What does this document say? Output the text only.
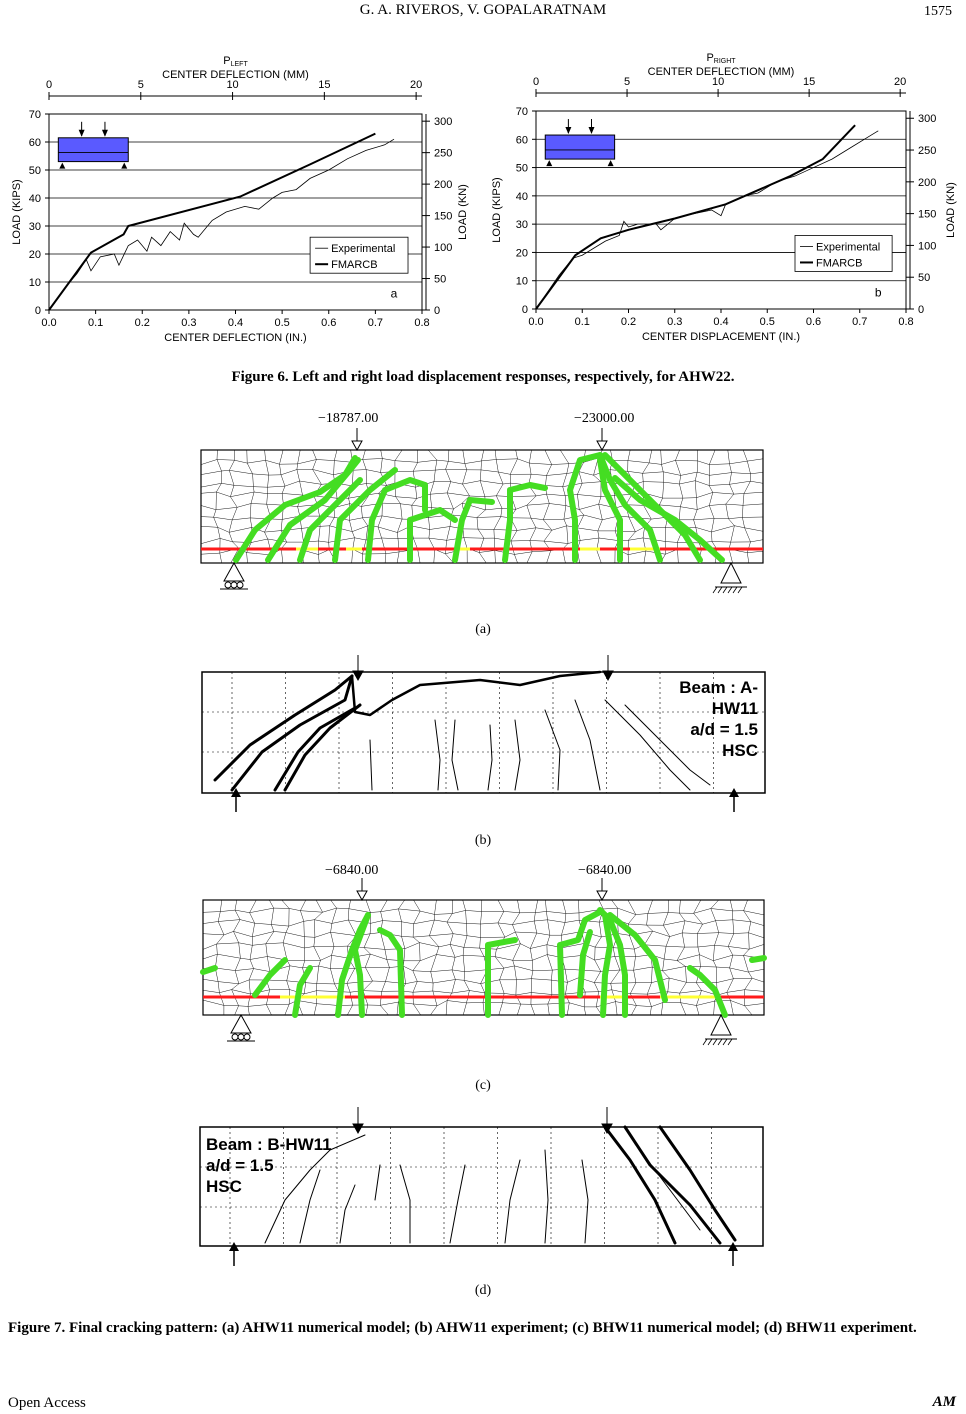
G. A. RIVEROS, V. GOPALARATNAM	1575
0.0	0.1	0.2	0.3	0.4	0.5	0.6	0.7	0.8
0
10
20
30
40
50
60
70
0	5	10	15	20
0
50
100
150
200
250
300
PLEFT
CENTER DEFLECTION (MM)
CENTER DEFLECTION (IN.)
LOAD (KIPS)	LOAD (KN)
Experimental
FMARCB
a
0.0	0.1	0.2	0.3	0.4	0.5	0.6	0.7	0.8
0
10
20
30
40
50
60
70
0	5	10	15	20
0
50
100
150
200
250
300
PRIGHT
CENTER DEFLECTION (MM)
CENTER DISPLACEMENT (IN.)
LOAD (KIPS)	LOAD (KN)
Experimental
FMARCB
b
Figure 6. Left and right load displacement responses, respectively, for AHW22.
−18787.00	−23000.00
(a)
Beam : A-HW11
a/d = 1.5
HSC
(b)
−6840.00	−6840.00
(c)
Beam : B-HW11
a/d = 1.5
HSC
(d)
Figure 7. Final cracking pattern: (a) AHW11 numerical model; (b) AHW11 experiment; (c) BHW11 numerical model; (d) BHW11 experiment.
Open Access	AM
